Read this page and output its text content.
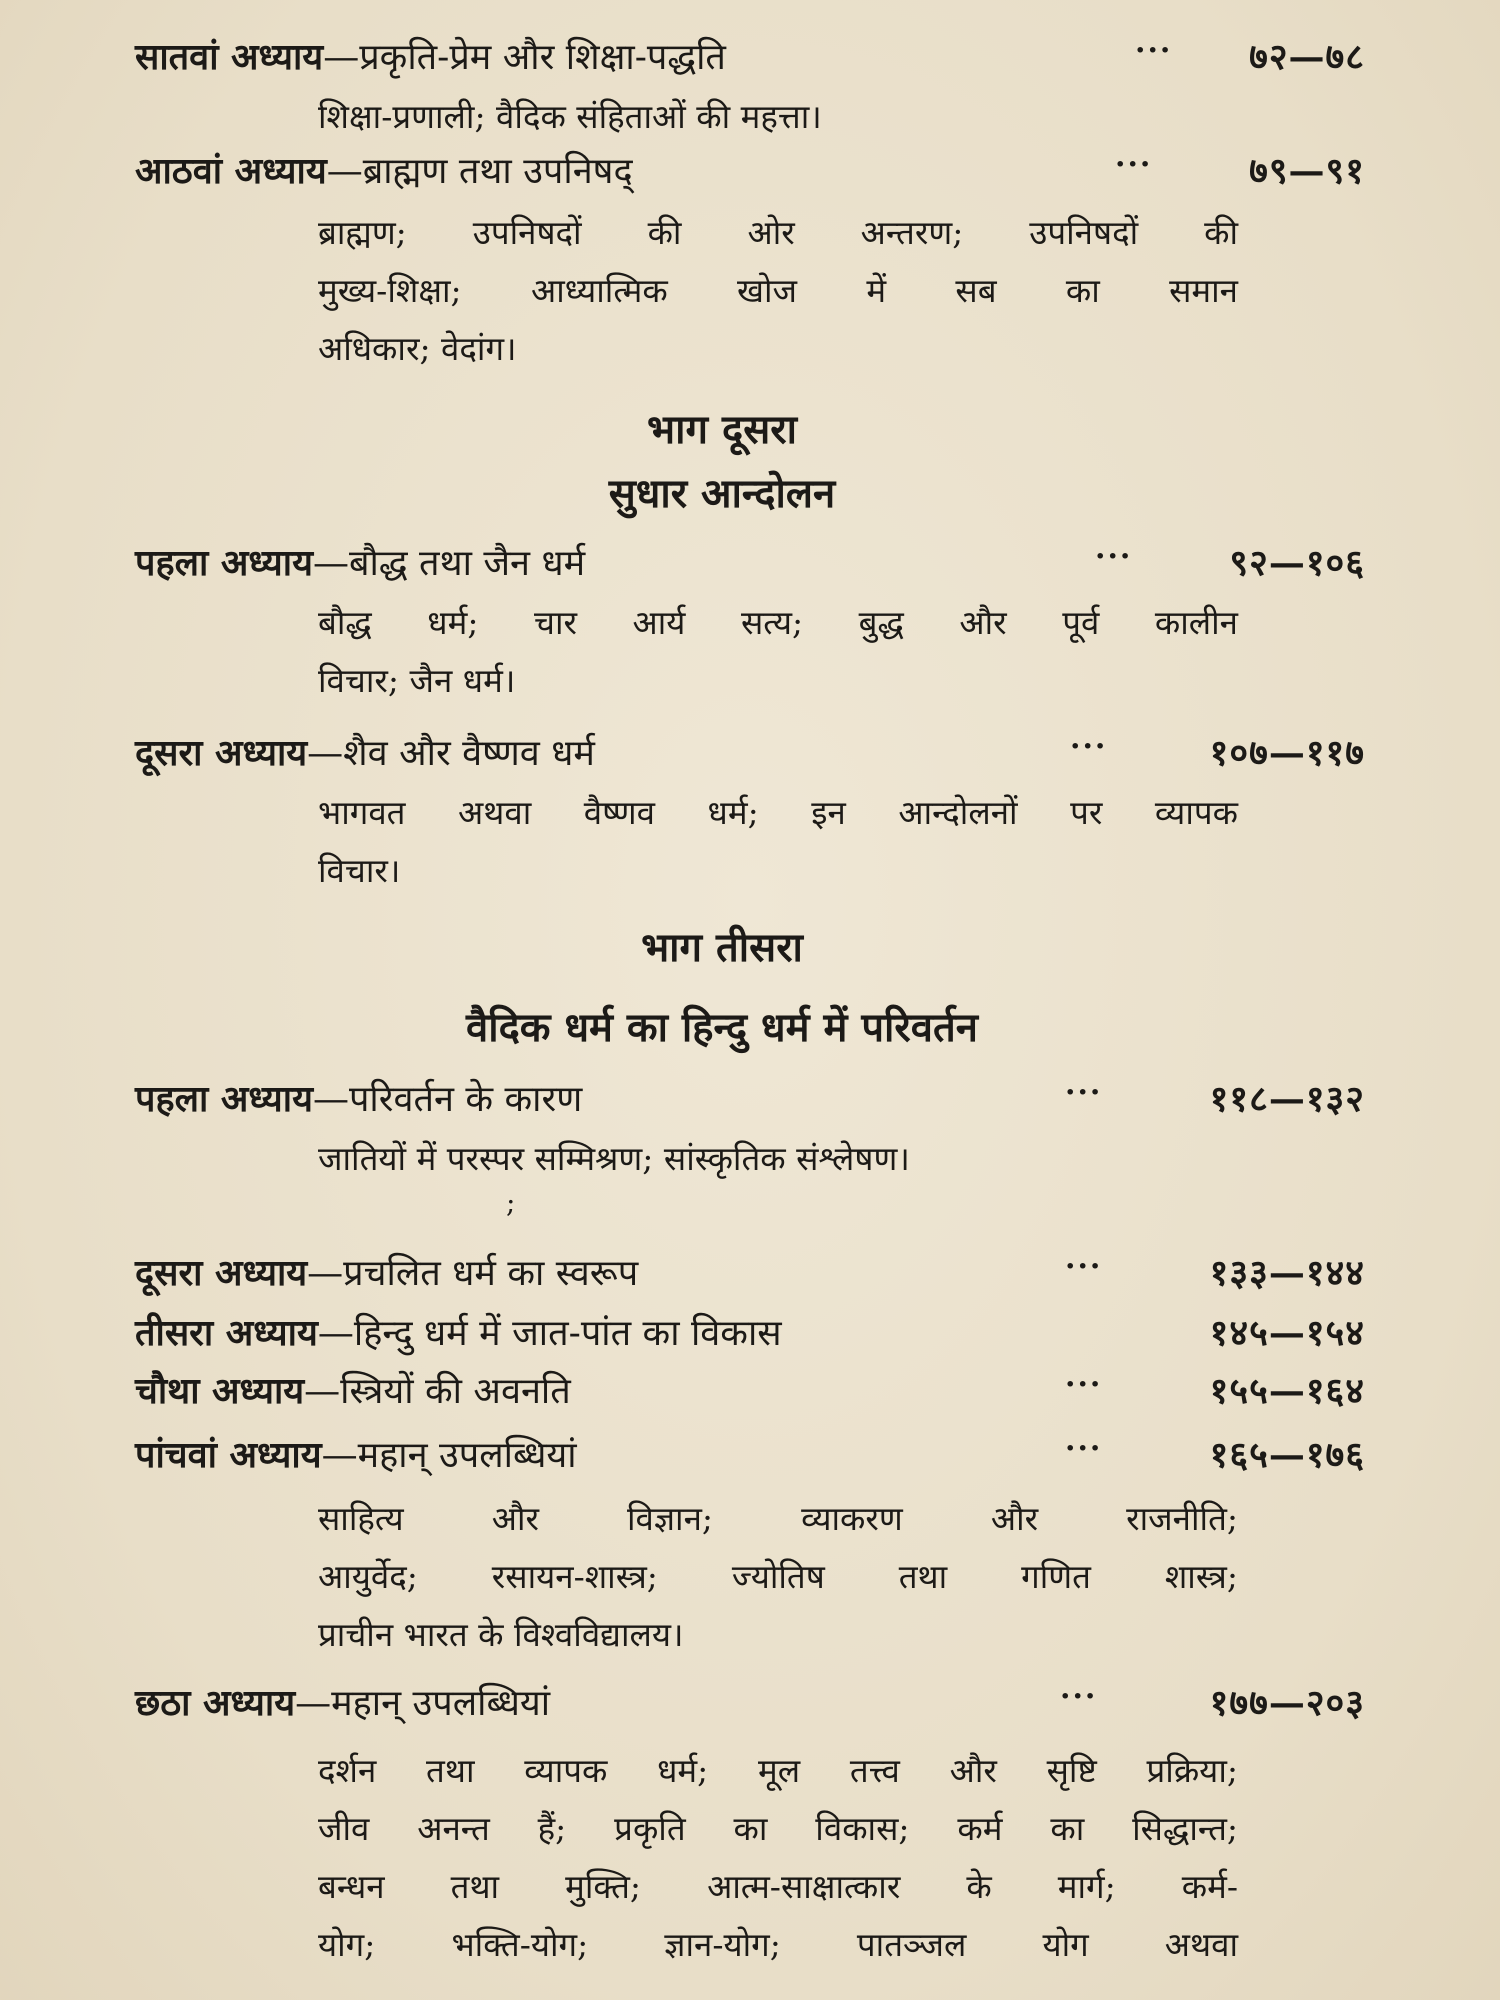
सातवां अध्याय—प्रकृति-प्रेम और शिक्षा-पद्धति	··· ७२—७८
शिक्षा-प्रणाली; वैदिक संहिताओं की महत्ता।
आठवां अध्याय—ब्राह्मण तथा उपनिषद्	···	७९—९१
ब्राह्मण; उपनिषदों की ओर अन्तरण; उपनिषदों की
मुख्य-शिक्षा; आध्यात्मिक खोज में सब का समान
अधिकार; वेदांग।
भाग दूसरा
सुधार आन्दोलन
पहला अध्याय—बौद्ध तथा जैन धर्म	···	९२—१०६
बौद्ध धर्म; चार आर्य सत्य; बुद्ध और पूर्व कालीन
विचार; जैन धर्म।
दूसरा अध्याय—शैव और वैष्णव धर्म	···	१०७—११७
भागवत अथवा वैष्णव धर्म; इन आन्दोलनों पर व्यापक
विचार।
भाग तीसरा
वैदिक धर्म का हिन्दु धर्म में परिवर्तन
पहला अध्याय—परिवर्तन के कारण	···	११८—१३२
जातियों में परस्पर सम्मिश्रण; सांस्कृतिक संश्लेषण।
;
दूसरा अध्याय—प्रचलित धर्म का स्वरूप	···	१३३—१४४
तीसरा अध्याय—हिन्दु धर्म में जात-पांत का विकास	१४५—१५४
चौथा अध्याय—स्त्रियों की अवनति	···	१५५—१६४
पांचवां अध्याय—महान् उपलब्धियां	···	१६५—१७६
साहित्य और विज्ञान; व्याकरण और राजनीति;
आयुर्वेद; रसायन-शास्त्र; ज्योतिष तथा गणित शास्त्र;
प्राचीन भारत के विश्वविद्यालय।
छठा अध्याय—महान् उपलब्धियां	···	१७७—२०३
दर्शन तथा व्यापक धर्म; मूल तत्त्व और सृष्टि प्रक्रिया;
जीव अनन्त हैं; प्रकृति का विकास; कर्म का सिद्धान्त;
बन्धन तथा मुक्ति; आत्म-साक्षात्कार के मार्ग; कर्म-
योग; भक्ति-योग; ज्ञान-योग; पातञ्जल योग अथवा
